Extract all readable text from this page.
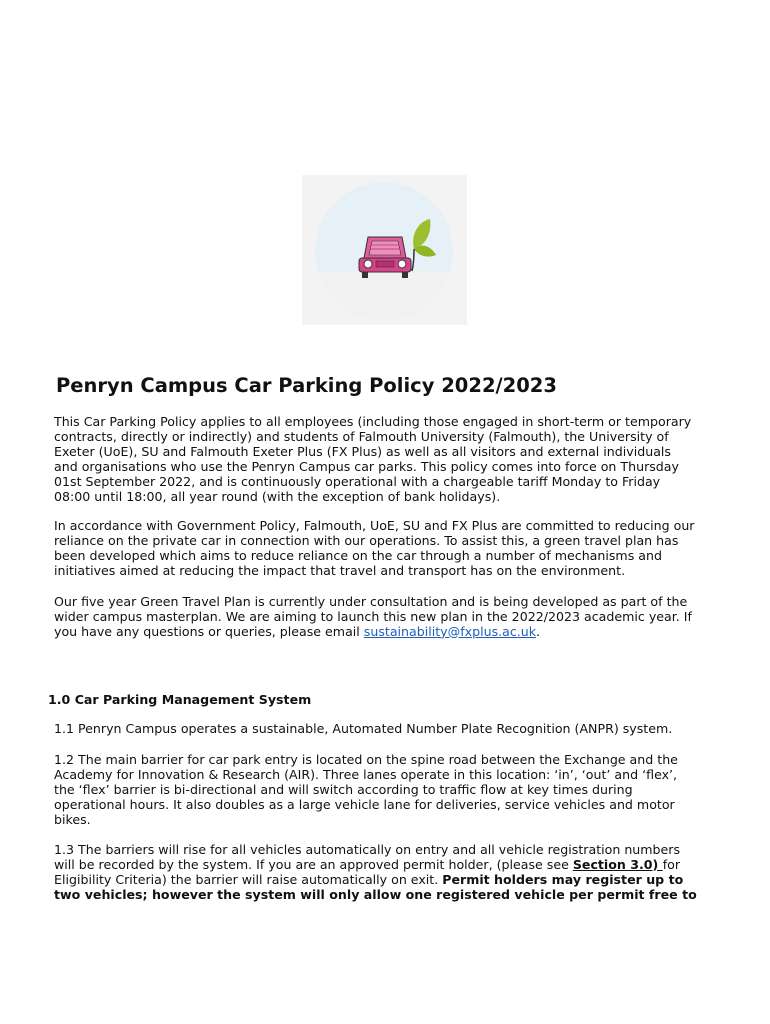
Penryn Campus Car Parking Policy 2022/2023

This Car Parking Policy applies to all employees (including those engaged in short-term or temporary
contracts, directly or indirectly) and students of Falmouth University (Falmouth), the University of
Exeter (UoE), SU and Falmouth Exeter Plus (FX Plus) as well as all visitors and external individuals
and organisations who use the Penryn Campus car parks. This policy comes into force on Thursday
01st September 2022, and is continuously operational with a chargeable tariff Monday to Friday
08:00 until 18:00, all year round (with the exception of bank holidays).

In accordance with Government Policy, Falmouth, UoE, SU and FX Plus are committed to reducing our
reliance on the private car in connection with our operations. To assist this, a green travel plan has
been developed which aims to reduce reliance on the car through a number of mechanisms and
initiatives aimed at reducing the impact that travel and transport has on the environment.

Our five year Green Travel Plan is currently under consultation and is being developed as part of the
wider campus masterplan. We are aiming to launch this new plan in the 2022/2023 academic year. If
you have any questions or queries, please email sustainability@fxplus.ac.uk.

1.0 Car Parking Management System

1.1 Penryn Campus operates a sustainable, Automated Number Plate Recognition (ANPR) system.

1.2 The main barrier for car park entry is located on the spine road between the Exchange and the
Academy for Innovation & Research (AIR). Three lanes operate in this location: ‘in’, ‘out’ and ‘flex’,
the ‘flex’ barrier is bi-directional and will switch according to traffic flow at key times during
operational hours. It also doubles as a large vehicle lane for deliveries, service vehicles and motor
bikes.

1.3 The barriers will rise for all vehicles automatically on entry and all vehicle registration numbers
will be recorded by the system. If you are an approved permit holder, (please see Section 3.0) for
Eligibility Criteria) the barrier will raise automatically on exit. Permit holders may register up to
two vehicles; however the system will only allow one registered vehicle per permit free to
